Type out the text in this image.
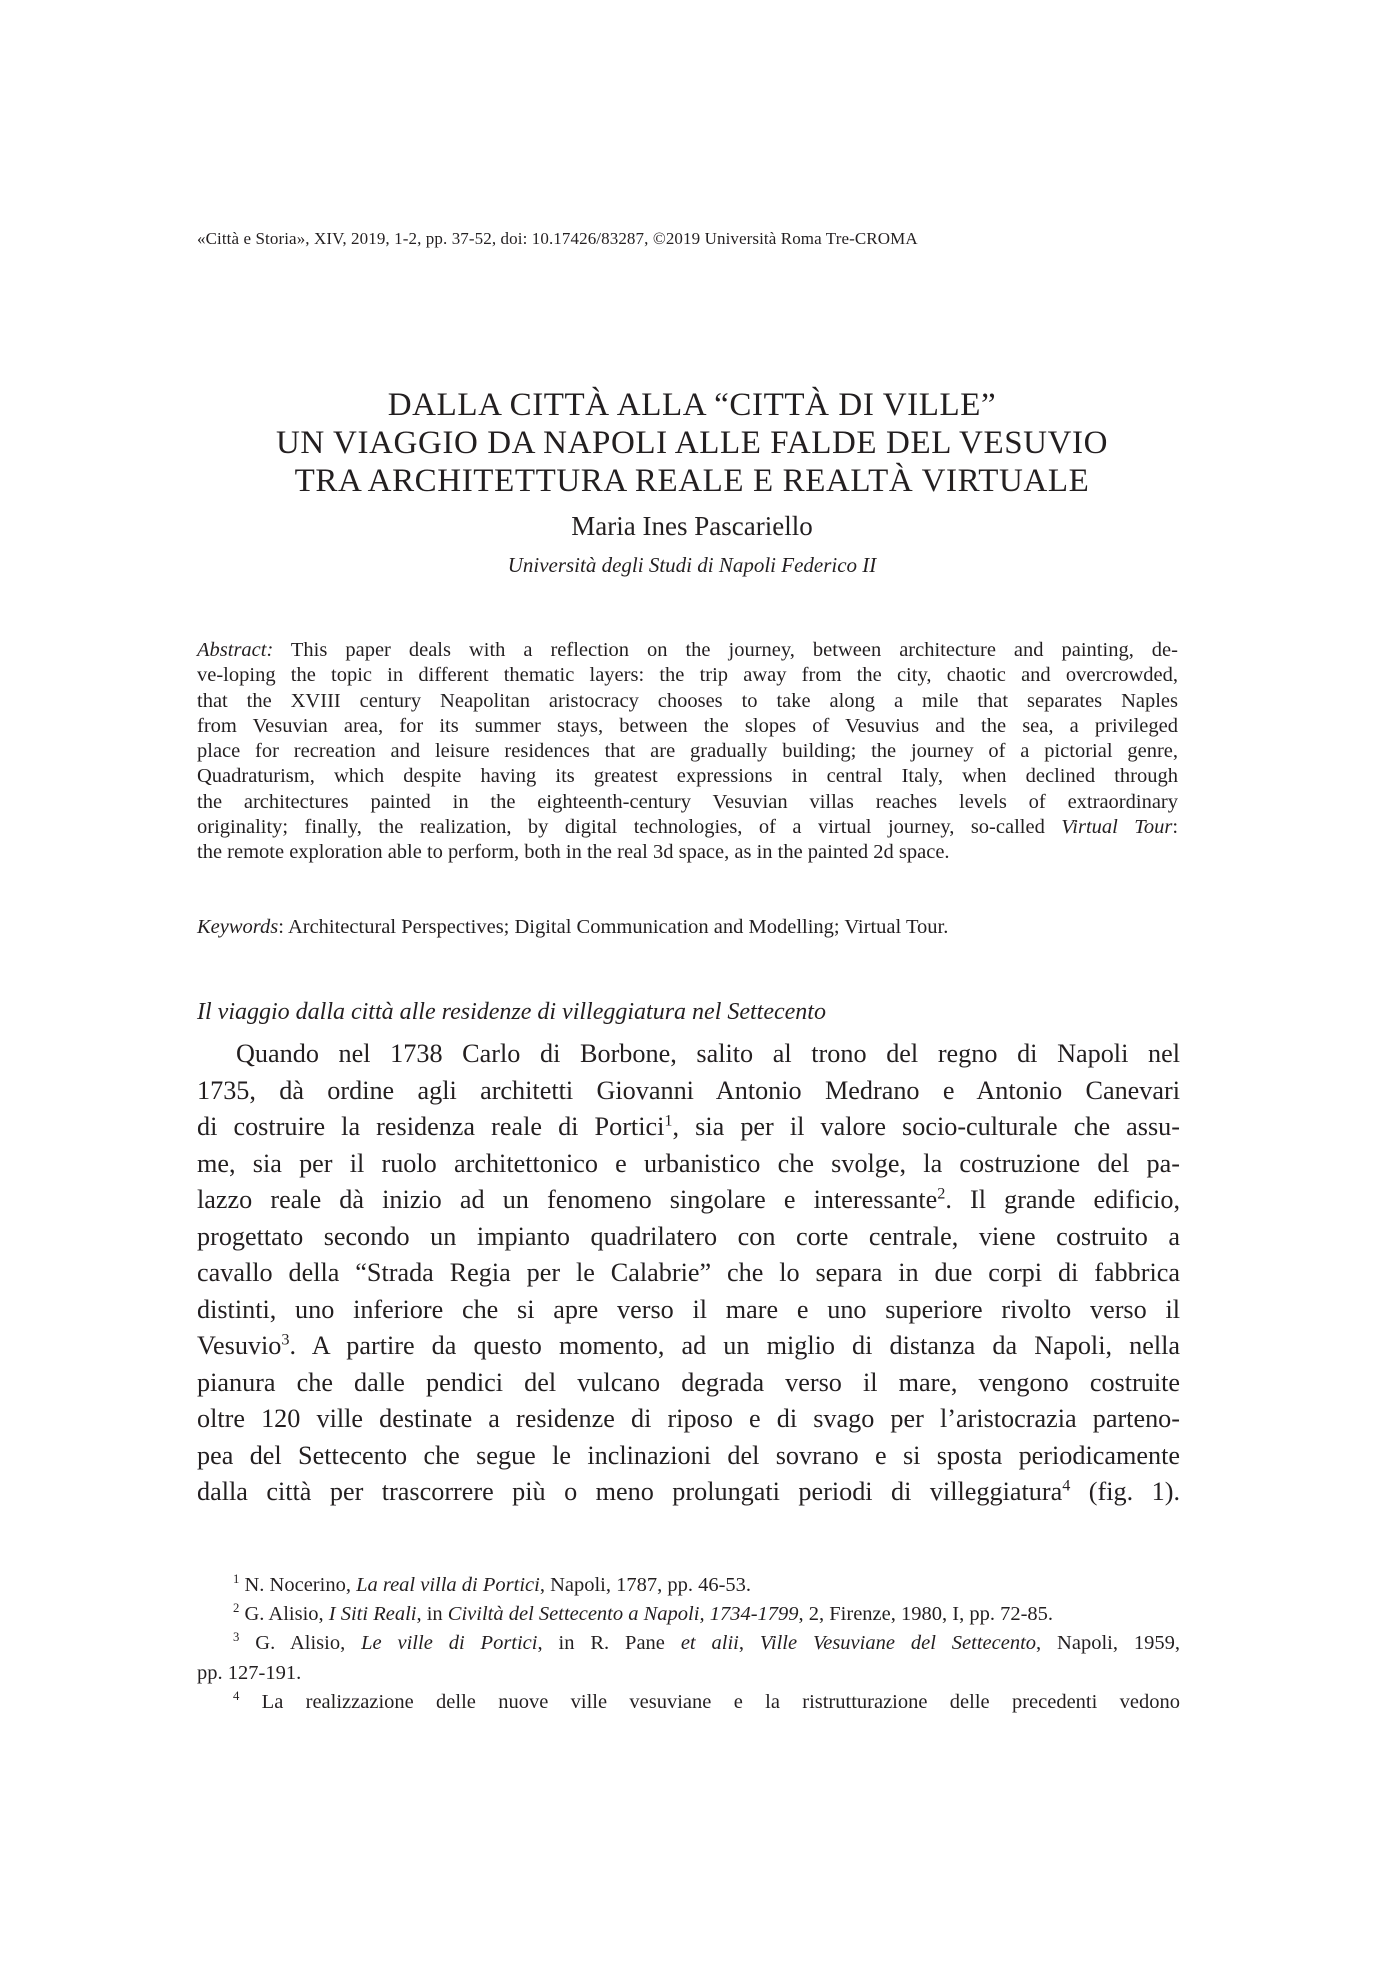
«Città e Storia», XIV, 2019, 1-2, pp. 37-52, doi: 10.17426/83287, ©2019 Università Roma Tre-CROMA
DALLA CITTÀ ALLA “CITTÀ DI VILLE”
UN VIAGGIO DA NAPOLI ALLE FALDE DEL VESUVIO
TRA ARCHITETTURA REALE E REALTÀ VIRTUALE
Maria Ines Pascariello
Università degli Studi di Napoli Federico II
Abstract: This paper deals with a reflection on the journey, between architecture and painting, de-
ve-loping the topic in different thematic layers: the trip away from the city, chaotic and overcrowded,
that the XVIII century Neapolitan aristocracy chooses to take along a mile that separates Naples
from Vesuvian area, for its summer stays, between the slopes of Vesuvius and the sea, a privileged
place for recreation and leisure residences that are gradually building; the journey of a pictorial genre,
Quadraturism, which despite having its greatest expressions in central Italy, when declined through
the architectures painted in the eighteenth-century Vesuvian villas reaches levels of extraordinary
originality; finally, the realization, by digital technologies, of a virtual journey, so-called Virtual Tour:
the remote exploration able to perform, both in the real 3d space, as in the painted 2d space.
Keywords: Architectural Perspectives; Digital Communication and Modelling; Virtual Tour.
Il viaggio dalla città alle residenze di villeggiatura nel Settecento
Quando nel 1738 Carlo di Borbone, salito al trono del regno di Napoli nel
1735, dà ordine agli architetti Giovanni Antonio Medrano e Antonio Canevari
di costruire la residenza reale di Portici$^1$, sia per il valore socio-culturale che assu-
me, sia per il ruolo architettonico e urbanistico che svolge, la costruzione del pa-
lazzo reale dà inizio ad un fenomeno singolare e interessante$^2$. Il grande edificio,
progettato secondo un impianto quadrilatero con corte centrale, viene costruito a
cavallo della “Strada Regia per le Calabrie” che lo separa in due corpi di fabbrica
distinti, uno inferiore che si apre verso il mare e uno superiore rivolto verso il
Vesuvio$^3$. A partire da questo momento, ad un miglio di distanza da Napoli, nella
pianura che dalle pendici del vulcano degrada verso il mare, vengono costruite
oltre 120 ville destinate a residenze di riposo e di svago per l’aristocrazia parteno-
pea del Settecento che segue le inclinazioni del sovrano e si sposta periodicamente
dalla città per trascorrere più o meno prolungati periodi di villeggiatura$^4$ (fig. 1).
$^1$ N. Nocerino, La real villa di Portici, Napoli, 1787, pp. 46-53.
$^2$ G. Alisio, I Siti Reali, in Civiltà del Settecento a Napoli, 1734-1799, 2, Firenze, 1980, I, pp. 72-85.
$^3$ G. Alisio, Le ville di Portici, in R. Pane et alii, Ville Vesuviane del Settecento, Napoli, 1959,
pp. 127-191.
$^4$ La realizzazione delle nuove ville vesuviane e la ristrutturazione delle precedenti vedono
